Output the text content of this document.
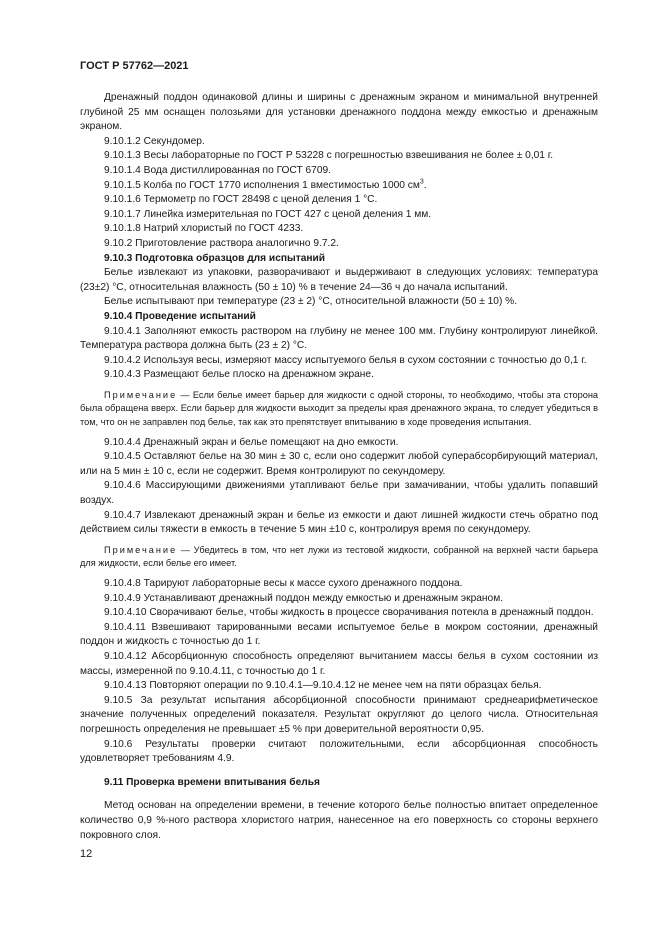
ГОСТ Р 57762—2021

Дренажный поддон одинаковой длины и ширины с дренажным экраном и минимальной внутренней глубиной 25 мм оснащен полозьями для установки дренажного поддона между емкостью и дренажным экраном.

9.10.1.2 Секундомер.

9.10.1.3 Весы лабораторные по ГОСТ Р 53228 с погрешностью взвешивания не более ± 0,01 г.

9.10.1.4 Вода дистиллированная по ГОСТ 6709.

9.10.1.5 Колба по ГОСТ 1770 исполнения 1 вместимостью 1000 $см^3$.

9.10.1.6 Термометр по ГОСТ 28498 с ценой деления 1 °С.

9.10.1.7 Линейка измерительная по ГОСТ 427 с ценой деления 1 мм.

9.10.1.8 Натрий хлористый по ГОСТ 4233.

9.10.2 Приготовление раствора аналогично 9.7.2.

9.10.3 Подготовка образцов для испытаний

Белье извлекают из упаковки, разворачивают и выдерживают в следующих условиях: температура (23±2) °С, относительная влажность (50 ± 10) % в течение 24—36 ч до начала испытаний.

Белье испытывают при температуре (23 ± 2) °С, относительной влажности (50 ± 10) %.

9.10.4 Проведение испытаний

9.10.4.1 Заполняют емкость раствором на глубину не менее 100 мм. Глубину контролируют линейкой. Температура раствора должна быть (23 ± 2) °С.

9.10.4.2 Используя весы, измеряют массу испытуемого белья в сухом состоянии с точностью до 0,1 г.

9.10.4.3 Размещают белье плоско на дренажном экране.

Примечание — Если белье имеет барьер для жидкости с одной стороны, то необходимо, чтобы эта сторона была обращена вверх. Если барьер для жидкости выходит за пределы края дренажного экрана, то следует убедиться в том, что он не заправлен под белье, так как это препятствует впитыванию в ходе проведения испытания.

9.10.4.4 Дренажный экран и белье помещают на дно емкости.

9.10.4.5 Оставляют белье на 30 мин ± 30 с, если оно содержит любой суперабсорбирующий материал, или на 5 мин ± 10 с, если не содержит. Время контролируют по секундомеру.

9.10.4.6 Массирующими движениями утапливают белье при замачивании, чтобы удалить попавший воздух.

9.10.4.7 Извлекают дренажный экран и белье из емкости и дают лишней жидкости стечь обратно под действием силы тяжести в емкость в течение 5 мин ±10 с, контролируя время по секундомеру.

Примечание — Убедитесь в том, что нет лужи из тестовой жидкости, собранной на верхней части барьера для жидкости, если белье его имеет.

9.10.4.8 Тарируют лабораторные весы к массе сухого дренажного поддона.

9.10.4.9 Устанавливают дренажный поддон между емкостью и дренажным экраном.

9.10.4.10 Сворачивают белье, чтобы жидкость в процессе сворачивания потекла в дренажный поддон.

9.10.4.11 Взвешивают тарированными весами испытуемое белье в мокром состоянии, дренажный поддон и жидкость с точностью до 1 г.

9.10.4.12 Абсорбционную способность определяют вычитанием массы белья в сухом состоянии из массы, измеренной по 9.10.4.11, с точностью до 1 г.

9.10.4.13 Повторяют операции по 9.10.4.1—9.10.4.12 не менее чем на пяти образцах белья.

9.10.5 За результат испытания абсорбционной способности принимают среднеарифметическое значение полученных определений показателя. Результат округляют до целого числа. Относительная погрешность определения не превышает ±5 % при доверительной вероятности 0,95.

9.10.6 Результаты проверки считают положительными, если абсорбционная способность удовлетворяет требованиям 4.9.

9.11 Проверка времени впитывания белья

Метод основан на определении времени, в течение которого белье полностью впитает определенное количество 0,9 %-ного раствора хлористого натрия, нанесенное на его поверхность со стороны верхнего покровного слоя.

12
